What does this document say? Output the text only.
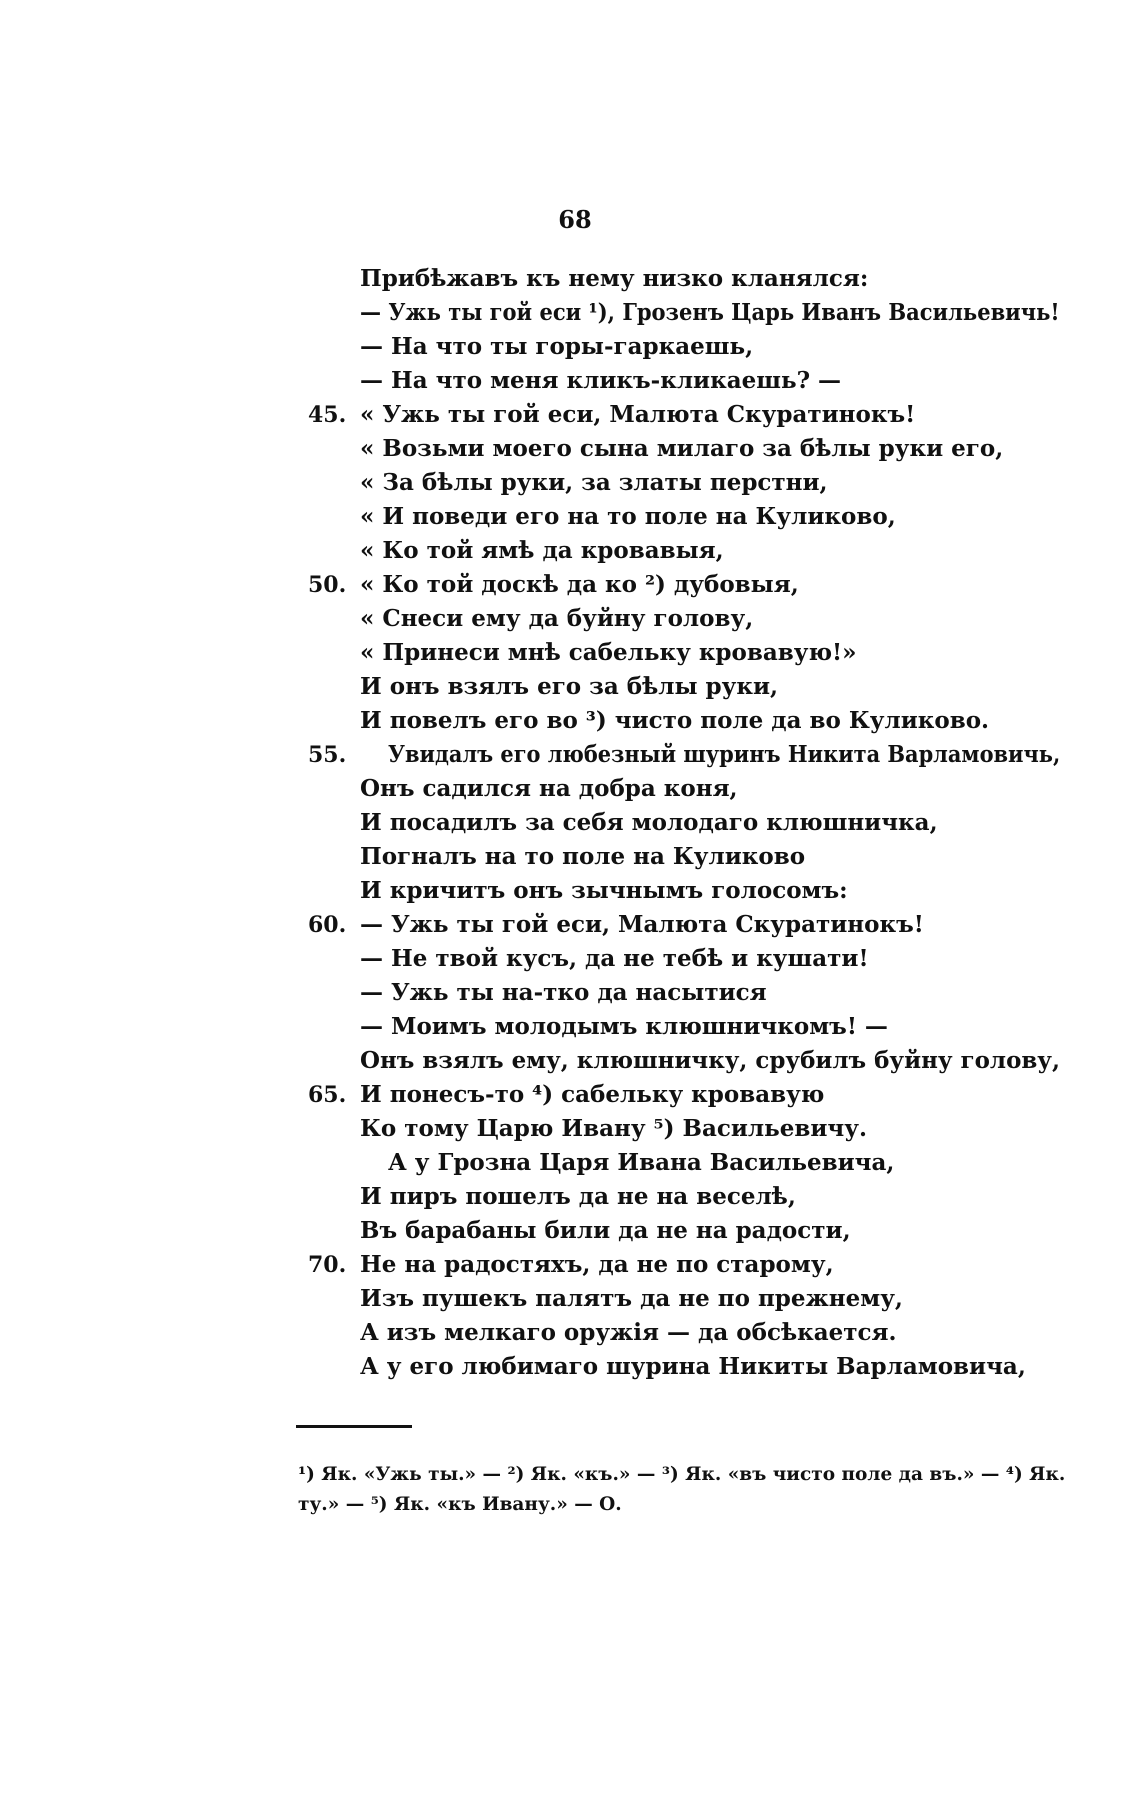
68
Прибѣжавъ къ нему низко кланялся:
— Ужь ты гой еси ¹), Грозенъ Царь Иванъ Васильевичь!
— На что ты горы-гаркаешь,
— На что меня кликъ-кликаешь? —
45. « Ужь ты гой еси, Малюта Скуратинокъ!
« Возьми моего сына милаго за бѣлы руки его,
« За бѣлы руки, за златы перстни,
« И поведи его на то поле на Куликово,
« Ко той ямѣ да кровавыя,
50. « Ко той доскѣ да ко ²) дубовыя,
« Снеси ему да буйну голову,
« Принеси мнѣ сабельку кровавую!»
И онъ взялъ его за бѣлы руки,
И повелъ его во ³) чисто поле да во Куликово.
55. Увидалъ его любезный шуринъ Никита Варламовичь,
Онъ садился на добра коня,
И посадилъ за себя молодаго клюшничка,
Погналъ на то поле на Куликово
И кричитъ онъ зычнымъ голосомъ:
60. — Ужь ты гой еси, Малюта Скуратинокъ!
— Не твой кусъ, да не тебѣ и кушати!
— Ужь ты на-тко да насытися
— Моимъ молодымъ клюшничкомъ! —
Онъ взялъ ему, клюшничку, срубилъ буйну голову,
65. И понесъ-то ⁴) сабельку кровавую
Ко тому Царю Ивану ⁵) Васильевичу.
А у Грозна Царя Ивана Васильевича,
И пиръ пошелъ да не на веселѣ,
Въ барабаны били да не на радости,
70. Не на радостяхъ, да не по старому,
Изъ пушекъ палятъ да не по прежнему,
А изъ мелкаго оружія — да обсѣкается.
А у его любимаго шурина Никиты Варламовича,

¹) Як. «Ужь ты.» — ²) Як. «къ.» — ³) Як. «въ чисто поле да въ.» — ⁴) Як.

ту.» — ⁵) Як. «къ Ивану.» — О.
